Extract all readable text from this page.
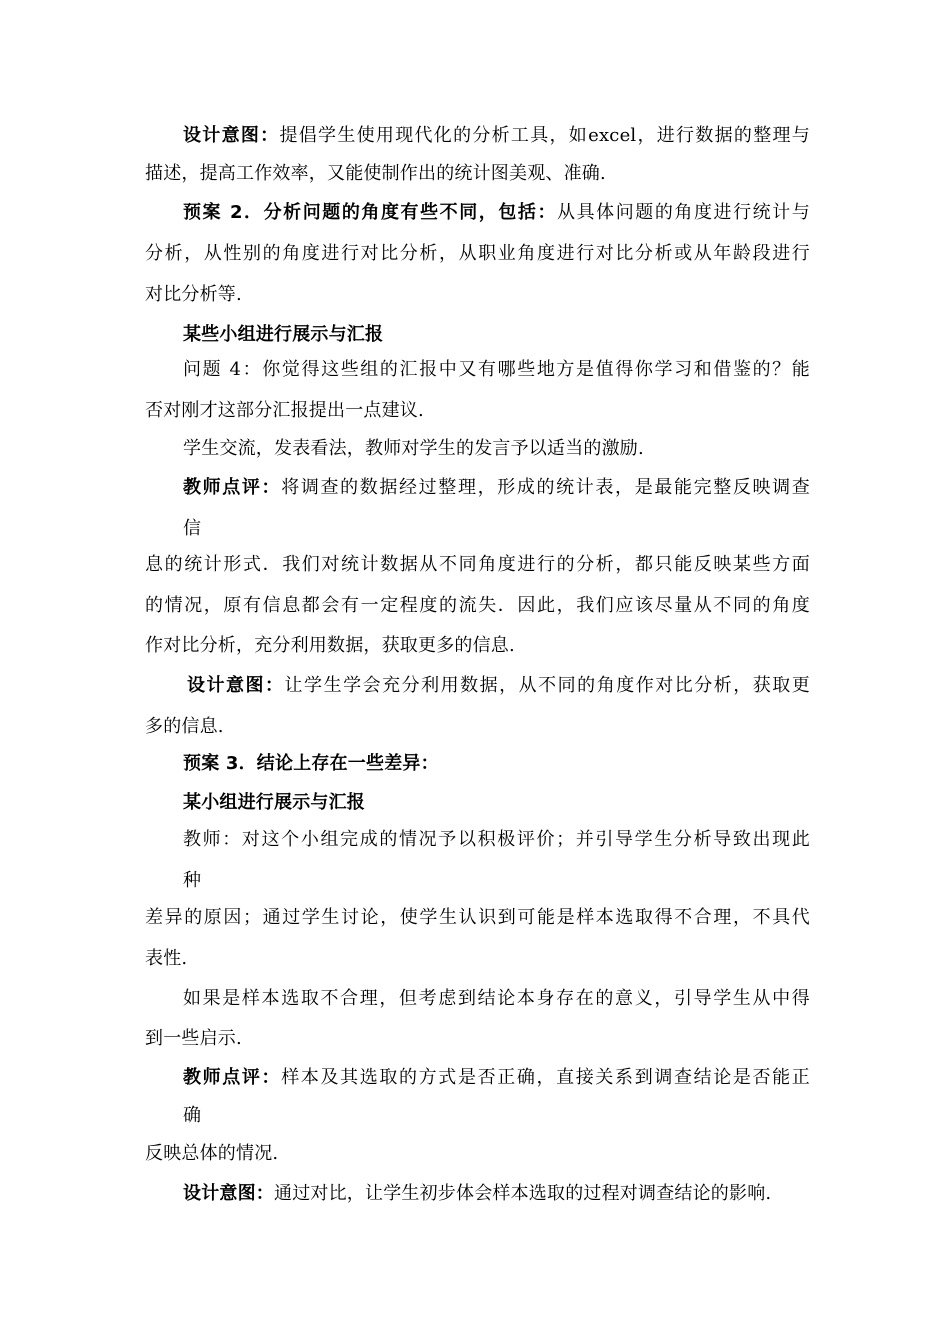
设计意图：提倡学生使用现代化的分析工具，如excel，进行数据的整理与
描述，提高工作效率，又能使制作出的统计图美观、准确.
预案 2．分析问题的角度有些不同，包括：从具体问题的角度进行统计与
分析，从性别的角度进行对比分析，从职业角度进行对比分析或从年龄段进行
对比分析等.
某些小组进行展示与汇报
问题 4：你觉得这些组的汇报中又有哪些地方是值得你学习和借鉴的？能
否对刚才这部分汇报提出一点建议.
学生交流，发表看法，教师对学生的发言予以适当的激励.
教师点评：将调查的数据经过整理，形成的统计表，是最能完整反映调查
信
息的统计形式．我们对统计数据从不同角度进行的分析，都只能反映某些方面
的情况，原有信息都会有一定程度的流失．因此，我们应该尽量从不同的角度
作对比分析，充分利用数据，获取更多的信息.
设计意图：让学生学会充分利用数据，从不同的角度作对比分析，获取更
多的信息.
预案 3．结论上存在一些差异：
某小组进行展示与汇报
教师：对这个小组完成的情况予以积极评价；并引导学生分析导致出现此
种
差异的原因；通过学生讨论，使学生认识到可能是样本选取得不合理，不具代
表性.
如果是样本选取不合理，但考虑到结论本身存在的意义，引导学生从中得
到一些启示.
教师点评：样本及其选取的方式是否正确，直接关系到调查结论是否能正
确
反映总体的情况.
设计意图：通过对比，让学生初步体会样本选取的过程对调查结论的影响.
